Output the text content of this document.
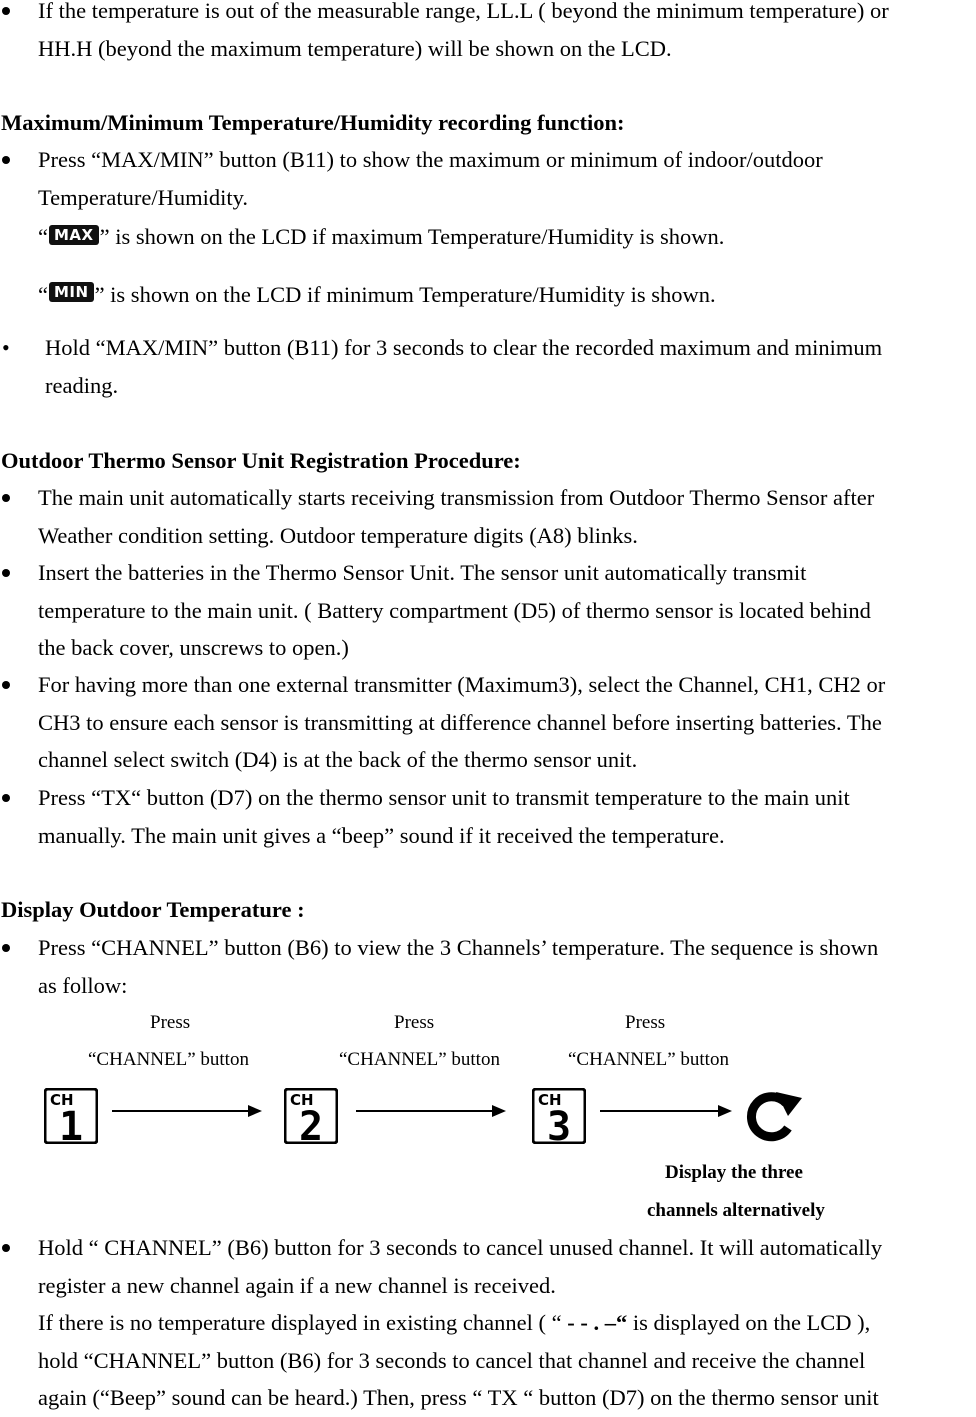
If the temperature is out of the measurable range, LL.L ( beyond the minimum temperature) or
HH.H (beyond the maximum temperature) will be shown on the LCD.
Maximum/Minimum Temperature/Humidity recording function:
Press “MAX/MIN” button (B11) to show the maximum or minimum of indoor/outdoor
Temperature/Humidity.
“ MAX ” is shown on the LCD if maximum Temperature/Humidity is shown.
“ MIN ” is shown on the LCD if minimum Temperature/Humidity is shown.
Hold “MAX/MIN” button (B11) for 3 seconds to clear the recorded maximum and minimum
reading.
Outdoor Thermo Sensor Unit Registration Procedure:
The main unit automatically starts receiving transmission from Outdoor Thermo Sensor after
Weather condition setting. Outdoor temperature digits (A8) blinks.
Insert the batteries in the Thermo Sensor Unit. The sensor unit automatically transmit
temperature to the main unit. ( Battery compartment (D5) of thermo sensor is located behind
the back cover, unscrews to open.)
For having more than one external transmitter (Maximum3), select the Channel, CH1, CH2 or
CH3 to ensure each sensor is transmitting at difference channel before inserting batteries. The
channel select switch (D4) is at the back of the thermo sensor unit.
Press “TX“ button (D7) on the thermo sensor unit to transmit temperature to the main unit
manually. The main unit gives a “beep” sound if it received the temperature.
Display Outdoor Temperature :
Press “CHANNEL” button (B6) to view the 3 Channels’ temperature. The sequence is shown
as follow:
Press
“CHANNEL” button
Press
“CHANNEL” button
Press
“CHANNEL” button
CH
1
CH
2
CH
3
Display the three
channels alternatively
Hold “ CHANNEL” (B6) button for 3 seconds to cancel unused channel. It will automatically
register a new channel again if a new channel is received.
If there is no temperature displayed in existing channel ( “ - - . –“ is displayed on the LCD ),
hold “CHANNEL” button (B6) for 3 seconds to cancel that channel and receive the channel
again (“Beep” sound can be heard.) Then, press “ TX “ button (D7) on the thermo sensor unit
